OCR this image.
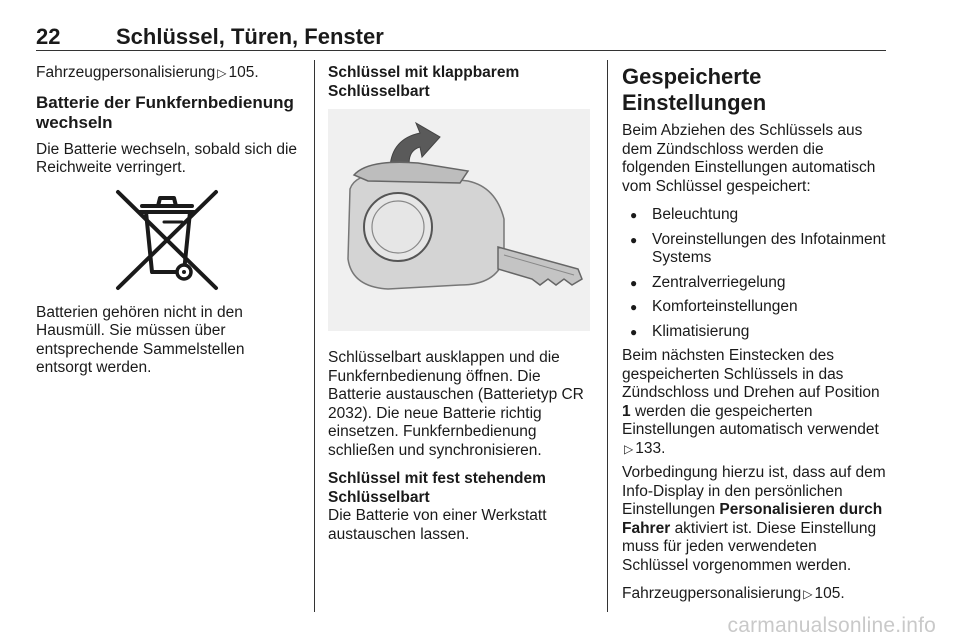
22	Schlüssel, Türen, Fenster

Fahrzeugpersonalisierung ▷ 105.

Batterie der Funkfernbedienung wechseln

Die Batterie wechseln, sobald sich die Reichweite verringert.

Batterien gehören nicht in den Hausmüll. Sie müssen über entsprechende Sammelstellen entsorgt werden.

Schlüssel mit klappbarem Schlüsselbart

Schlüsselbart ausklappen und die Funkfernbedienung öffnen. Die Batterie austauschen (Batterietyp CR 2032). Die neue Batterie richtig einsetzen. Funkfernbedienung schließen und synchronisieren.

Schlüssel mit fest stehendem Schlüsselbart

Die Batterie von einer Werkstatt austauschen lassen.

Gespeicherte Einstellungen

Beim Abziehen des Schlüssels aus dem Zündschloss werden die folgenden Einstellungen automatisch vom Schlüssel gespeichert:

● Beleuchtung
● Voreinstellungen des Infotainment Systems
● Zentralverriegelung
● Komforteinstellungen
● Klimatisierung

Beim nächsten Einstecken des gespeicherten Schlüssels in das Zündschloss und Drehen auf Position 1 werden die gespeicherten Einstellungen automatisch verwendet
▷ 133.

Vorbedingung hierzu ist, dass auf dem Info-Display in den persönlichen Einstellungen Personalisieren durch Fahrer aktiviert ist. Diese Einstellung muss für jeden verwendeten Schlüssel vorgenommen werden.

Fahrzeugpersonalisierung ▷ 105.

carmanualsonline.info
